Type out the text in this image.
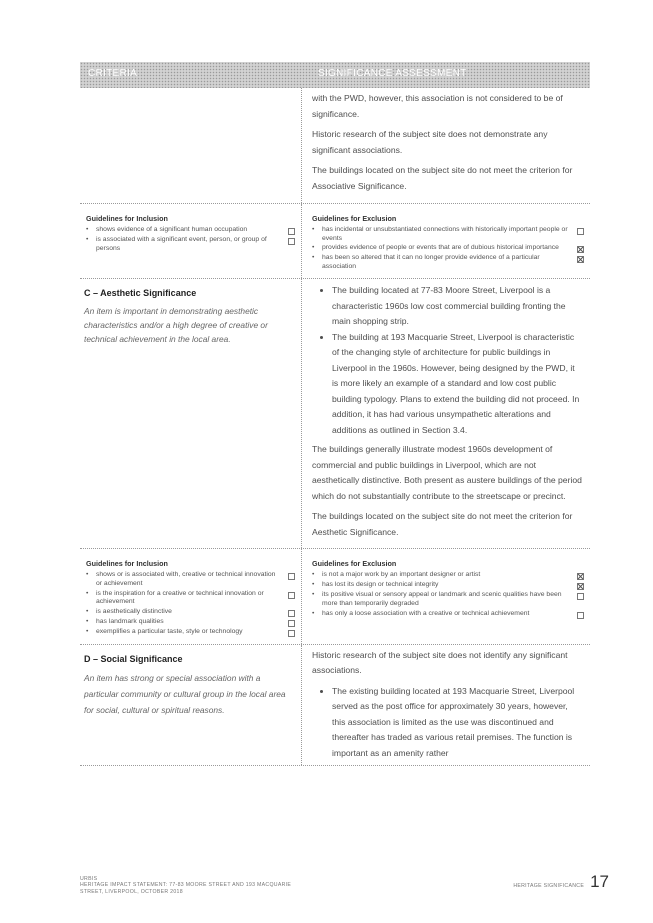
CRITERIA	SIGNIFICANCE ASSESSMENT

with the PWD, however, this association is not considered to be of significance.

Historic research of the subject site does not demonstrate any significant associations.

The buildings located on the subject site do not meet the criterion for Associative Significance.

Guidelines for Inclusion
•	shows evidence of a significant human occupation
•	is associated with a significant event, person, or group of persons
Guidelines for Exclusion
•	has incidental or unsubstantiated connections with historically important people or events
•	provides evidence of people or events that are of dubious historical importance
•	has been so altered that it can no longer provide evidence of a particular association
C – Aesthetic Significance
An item is important in demonstrating aesthetic characteristics and/or a high degree of creative or technical achievement in the local area.
• The building located at 77-83 Moore Street, Liverpool is a characteristic 1960s low cost commercial building fronting the main shopping strip.
• The building at 193 Macquarie Street, Liverpool is characteristic of the changing style of architecture for public buildings in Liverpool in the 1960s. However, being designed by the PWD, it is more likely an example of a standard and low cost public building typology. Plans to extend the building did not proceed. In addition, it has had various unsympathetic alterations and additions as outlined in Section 3.4.

The buildings generally illustrate modest 1960s development of commercial and public buildings in Liverpool, which are not aesthetically distinctive. Both present as austere buildings of the period which do not substantially contribute to the streetscape or precinct.

The buildings located on the subject site do not meet the criterion for Aesthetic Significance.

Guidelines for Inclusion
•	shows or is associated with, creative or technical innovation or achievement
•	is the inspiration for a creative or technical innovation or achievement
•	is aesthetically distinctive
•	has landmark qualities
•	exemplifies a particular taste, style or technology
Guidelines for Exclusion
•	is not a major work by an important designer or artist
•	has lost its design or technical integrity
•	its positive visual or sensory appeal or landmark and scenic qualities have been more than temporarily degraded
•	has only a loose association with a creative or technical achievement
D – Social Significance
An item has strong or special association with a particular community or cultural group in the local area for social, cultural or spiritual reasons.

Historic research of the subject site does not identify any significant associations.

• The existing building located at 193 Macquarie Street, Liverpool served as the post office for approximately 30 years, however, this association is limited as the use was discontinued and thereafter has traded as various retail premises. The function is important as an amenity rather
URBIS
HERITAGE IMPACT STATEMENT: 77-83 MOORE STREET AND 193 MACQUARIE
STREET, LIVERPOOL, OCTOBER 2018
HERITAGE SIGNIFICANCE 17
